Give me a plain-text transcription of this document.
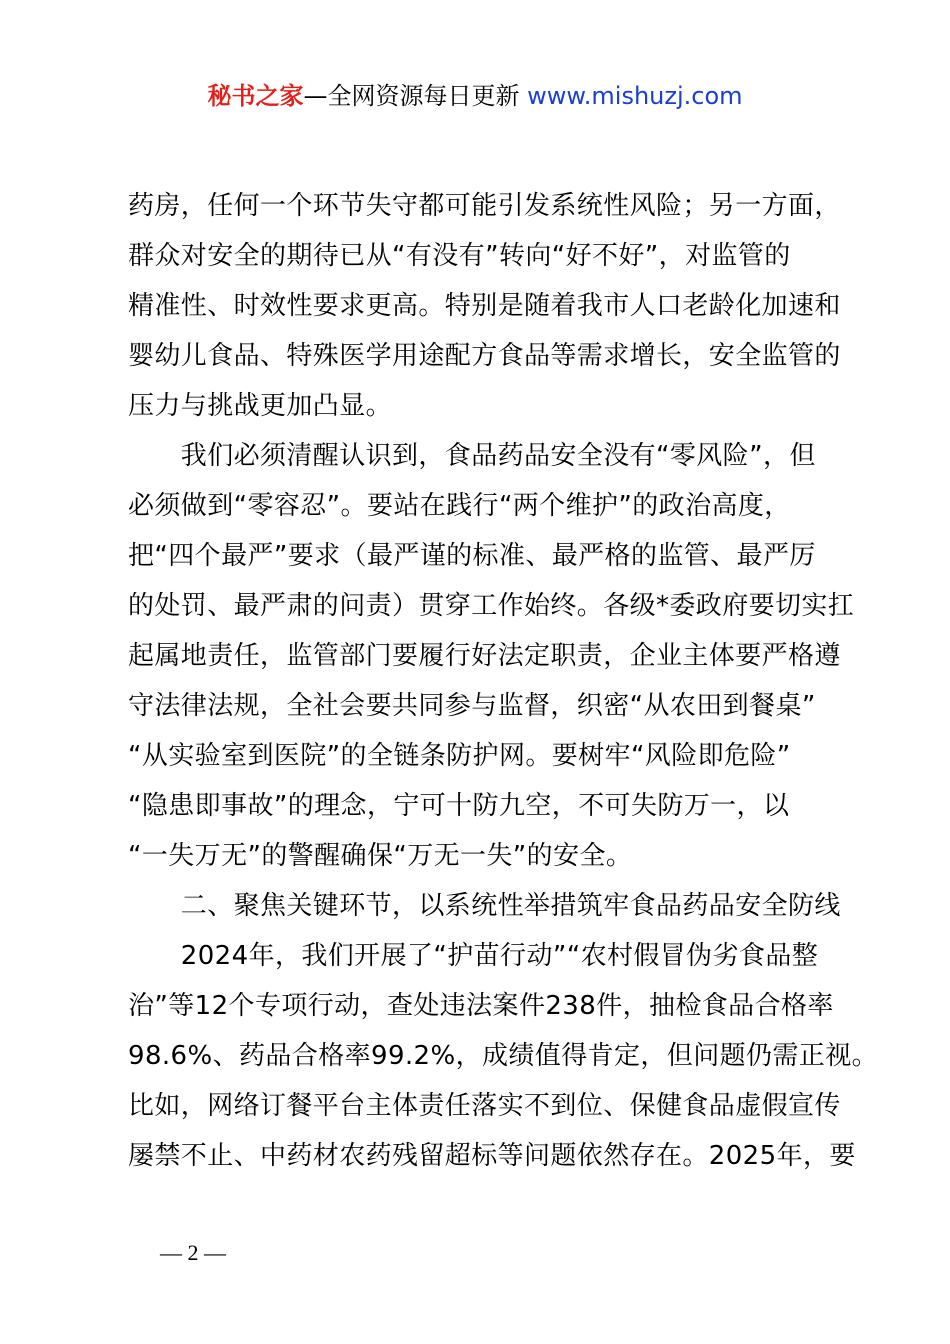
秘书之家—全网资源每日更新 www.mishuzj.com
药房，任何一个环节失守都可能引发系统性风险；另一方面，
群众对安全的期待已从“有没有”转向“好不好”，对监管的
精准性、时效性要求更高。特别是随着我市人口老龄化加速和
婴幼儿食品、特殊医学用途配方食品等需求增长，安全监管的
压力与挑战更加凸显。
　　我们必须清醒认识到，食品药品安全没有“零风险”，但
必须做到“零容忍”。要站在践行“两个维护”的政治高度，
把“四个最严”要求（最严谨的标准、最严格的监管、最严厉
的处罚、最严肃的问责）贯穿工作始终。各级*委政府要切实扛
起属地责任，监管部门要履行好法定职责，企业主体要严格遵
守法律法规，全社会要共同参与监督，织密“从农田到餐桌”
“从实验室到医院”的全链条防护网。要树牢“风险即危险”
“隐患即事故”的理念，宁可十防九空，不可失防万一，以
“一失万无”的警醒确保“万无一失”的安全。
　　二、聚焦关键环节，以系统性举措筑牢食品药品安全防线
　　2024年，我们开展了“护苗行动”“农村假冒伪劣食品整
治”等12个专项行动，查处违法案件238件，抽检食品合格率
98.6%、药品合格率99.2%，成绩值得肯定，但问题仍需正视。
比如，网络订餐平台主体责任落实不到位、保健食品虚假宣传
屡禁不止、中药材农药残留超标等问题依然存在。2025年，要
— 2 —
